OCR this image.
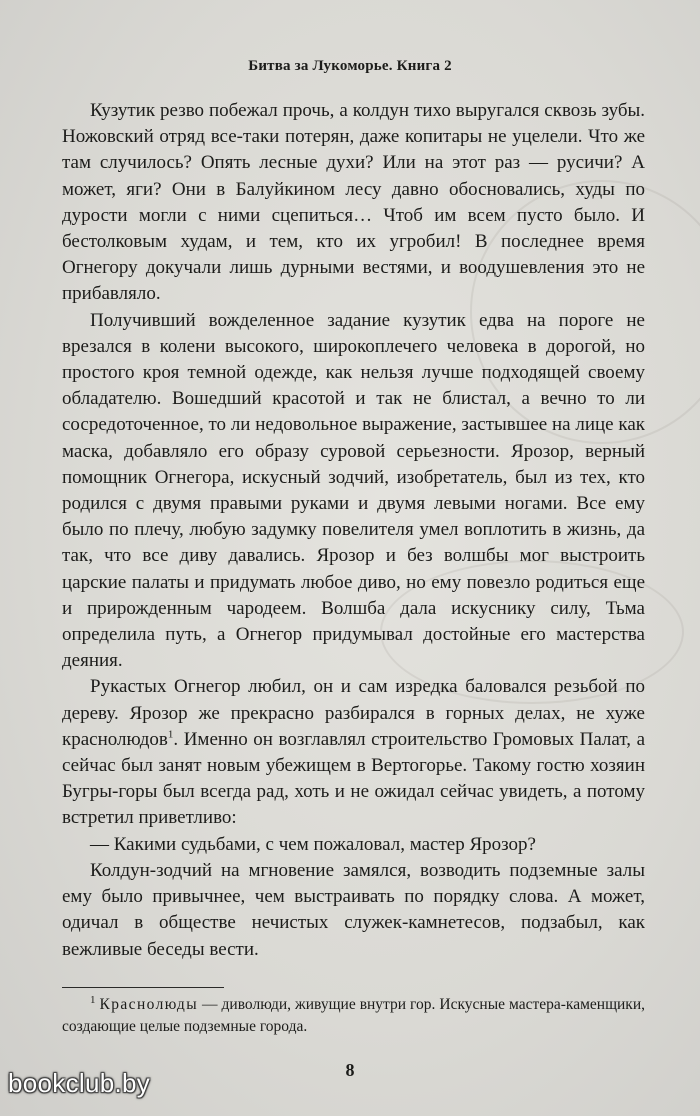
Битва за Лукоморье. Книга 2

Кузутик резво побежал прочь, а колдун тихо выругался сквозь зубы. Ножовский отряд все-таки потерян, даже копитары не уцелели. Что же там случилось? Опять лесные духи? Или на этот раз — русичи? А может, яги? Они в Балуйкином лесу давно обосновались, худы по дурости могли с ними сцепиться… Чтоб им всем пусто было. И бестолковым худам, и тем, кто их угробил! В последнее время Огнегору докучали лишь дурными вестями, и воодушевления это не прибавляло.

Получивший вожделенное задание кузутик едва на пороге не врезался в колени высокого, широкоплечего человека в дорогой, но простого кроя темной одежде, как нельзя лучше подходящей своему обладателю. Вошедший красотой и так не блистал, а вечно то ли сосредоточенное, то ли недовольное выражение, застывшее на лице как маска, добавляло его образу суровой серьезности. Ярозор, верный помощник Огнегора, искусный зодчий, изобретатель, был из тех, кто родился с двумя правыми руками и двумя левыми ногами. Все ему было по плечу, любую задумку повелителя умел воплотить в жизнь, да так, что все диву давались. Ярозор и без волшбы мог выстроить царские палаты и придумать любое диво, но ему повезло родиться еще и прирожденным чародеем. Волшба дала искуснику силу, Тьма определила путь, а Огнегор придумывал достойные его мастерства деяния.

Рукастых Огнегор любил, он и сам изредка баловался резьбой по дереву. Ярозор же прекрасно разбирался в горных делах, не хуже краснолюдов$^1$. Именно он возглавлял строительство Громовых Палат, а сейчас был занят новым убежищем в Вертогорье. Такому гостю хозяин Бугры-горы был всегда рад, хоть и не ожидал сейчас увидеть, а потому встретил приветливо:

— Какими судьбами, с чем пожаловал, мастер Ярозор?

Колдун-зодчий на мгновение замялся, возводить подземные залы ему было привычнее, чем выстраивать по порядку слова. А может, одичал в обществе нечистых служек-камнетесов, подзабыл, как вежливые беседы вести.

$^1$ Краснолюды — диволюди, живущие внутри гор. Искусные мастера-каменщики, создающие целые подземные города.

8
bookclub.by
